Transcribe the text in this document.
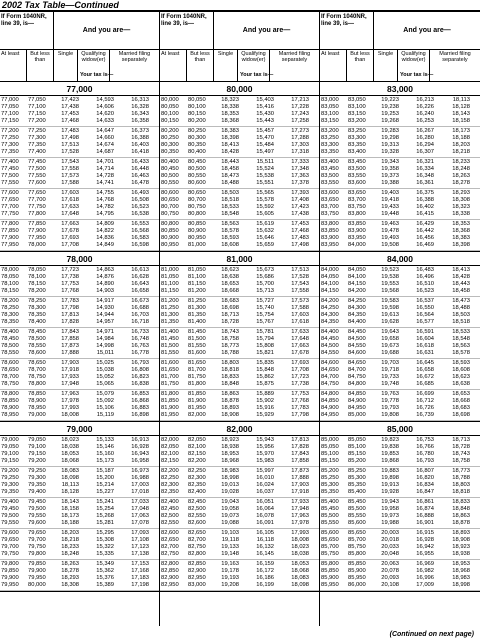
2002 Tax Table—Continued
If Form 1040NR, line 39, is—
And you are—
At least	But less than
Single	Qualifying widow(er)
Married filing separately
Your tax is—
77,000
77,000	77,050	17,423	14,593	16,313
77,050	77,100	17,438	14,606	16,328
77,100	77,150	17,453	14,620	16,343
77,150	77,200	17,468	14,633	16,358
77,200	77,250	17,483	14,647	16,373
77,250	77,300	17,498	14,660	16,388
77,300	77,350	17,513	14,674	16,403
77,350	77,400	17,528	14,687	16,418
77,400	77,450	17,543	14,701	16,433
77,450	77,500	17,558	14,714	16,448
77,500	77,550	17,573	14,728	16,463
77,550	77,600	17,588	14,741	16,478
77,600	77,650	17,603	14,755	16,493
77,650	77,700	17,618	14,768	16,508
77,700	77,750	17,633	14,782	16,523
77,750	77,800	17,648	14,795	16,538
77,800	77,850	17,663	14,809	16,553
77,850	77,900	17,678	14,822	16,568
77,900	77,950	17,693	14,836	16,583
77,950	78,000	17,708	14,849	16,598
78,000
78,000	78,050	17,723	14,863	16,613
78,050	78,100	17,738	14,876	16,628
78,100	78,150	17,753	14,890	16,643
78,150	78,200	17,768	14,903	16,658
78,200	78,250	17,783	14,917	16,673
78,250	78,300	17,798	14,930	16,688
78,300	78,350	17,813	14,944	16,703
78,350	78,400	17,828	14,957	16,718
78,400	78,450	17,843	14,971	16,733
78,450	78,500	17,858	14,984	16,748
78,500	78,550	17,873	14,998	16,763
78,550	78,600	17,888	15,011	16,778
78,600	78,650	17,903	15,025	16,793
78,650	78,700	17,918	15,038	16,808
78,700	78,750	17,933	15,052	16,823
78,750	78,800	17,948	15,065	16,838
78,800	78,850	17,963	15,079	16,853
78,850	78,900	17,978	15,092	16,868
78,900	78,950	17,993	15,106	16,883
78,950	79,000	18,008	15,119	16,898
79,000
79,000	79,050	18,023	15,133	16,913
79,050	79,100	18,038	15,146	16,928
79,100	79,150	18,053	15,160	16,943
79,150	79,200	18,068	15,173	16,958
79,200	79,250	18,083	15,187	16,973
79,250	79,300	18,098	15,200	16,988
79,300	79,350	18,113	15,214	17,003
79,350	79,400	18,128	15,227	17,018
79,400	79,450	18,143	15,241	17,033
79,450	79,500	18,158	15,254	17,048
79,500	79,550	18,173	15,268	17,063
79,550	79,600	18,188	15,281	17,078
79,600	79,650	18,203	15,295	17,093
79,650	79,700	18,218	15,308	17,108
79,700	79,750	18,233	15,322	17,123
79,750	79,800	18,248	15,335	17,138
79,800	79,850	18,263	15,349	17,153
79,850	79,900	18,278	15,362	17,168
79,900	79,950	18,293	15,376	17,183
79,950	80,000	18,308	15,389	17,198
If Form 1040NR, line 39, is—
And you are—
At least	But less than
Single	Qualifying widow(er)
Married filing separately
Your tax is—
80,000
80,000	80,050	18,323	15,403	17,213
80,050	80,100	18,338	15,416	17,228
80,100	80,150	18,353	15,430	17,243
80,150	80,200	18,368	15,443	17,258
80,200	80,250	18,383	15,457	17,273
80,250	80,300	18,398	15,470	17,288
80,300	80,350	18,413	15,484	17,303
80,350	80,400	18,428	15,497	17,318
80,400	80,450	18,443	15,511	17,333
80,450	80,500	18,458	15,524	17,348
80,500	80,550	18,473	15,538	17,363
80,550	80,600	18,488	15,551	17,378
80,600	80,650	18,503	15,565	17,393
80,650	80,700	18,518	15,578	17,408
80,700	80,750	18,533	15,592	17,423
80,750	80,800	18,548	15,605	17,438
80,800	80,850	18,563	15,619	17,453
80,850	80,900	18,578	15,632	17,468
80,900	80,950	18,593	15,646	17,483
80,950	81,000	18,608	15,659	17,498
81,000
81,000	81,050	18,623	15,673	17,513
81,050	81,100	18,638	15,686	17,528
81,100	81,150	18,653	15,700	17,543
81,150	81,200	18,668	15,713	17,558
81,200	81,250	18,683	15,727	17,573
81,250	81,300	18,698	15,740	17,588
81,300	81,350	18,713	15,754	17,603
81,350	81,400	18,728	15,767	17,618
81,400	81,450	18,743	15,781	17,633
81,450	81,500	18,758	15,794	17,648
81,500	81,550	18,773	15,808	17,663
81,550	81,600	18,788	15,821	17,678
81,600	81,650	18,803	15,835	17,693
81,650	81,700	18,818	15,848	17,708
81,700	81,750	18,833	15,862	17,723
81,750	81,800	18,848	15,875	17,738
81,800	81,850	18,863	15,889	17,753
81,850	81,900	18,878	15,902	17,768
81,900	81,950	18,893	15,916	17,783
81,950	82,000	18,908	15,929	17,798
82,000
82,000	82,050	18,923	15,943	17,813
82,050	82,100	18,938	15,956	17,828
82,100	82,150	18,953	15,970	17,843
82,150	82,200	18,968	15,983	17,858
82,200	82,250	18,983	15,997	17,873
82,250	82,300	18,998	16,010	17,888
82,300	82,350	19,013	16,024	17,903
82,350	82,400	19,028	16,037	17,918
82,400	82,450	19,043	16,051	17,933
82,450	82,500	19,058	16,064	17,948
82,500	82,550	19,073	16,078	17,963
82,550	82,600	19,088	16,091	17,978
82,600	82,650	19,103	16,105	17,993
82,650	82,700	19,118	16,118	18,008
82,700	82,750	19,133	16,132	18,023
82,750	82,800	19,148	16,145	18,038
82,800	82,850	19,163	16,159	18,053
82,850	82,900	19,178	16,172	18,068
82,900	82,950	19,193	16,186	18,083
82,950	83,000	19,208	16,199	18,098
If Form 1040NR, line 39, is—
And you are—
At least	But less than
Single	Qualifying widow(er)
Married filing separately
Your tax is—
83,000
83,000	83,050	19,223	16,213	18,113
83,050	83,100	19,238	16,226	18,128
83,100	83,150	19,253	16,240	18,143
83,150	83,200	19,268	16,253	18,158
83,200	83,250	19,283	16,267	18,173
83,250	83,300	19,298	16,280	18,188
83,300	83,350	19,313	16,294	18,203
83,350	83,400	19,328	16,307	18,218
83,400	83,450	19,343	16,321	18,233
83,450	83,500	19,358	16,334	18,248
83,500	83,550	19,373	16,348	18,263
83,550	83,600	19,388	16,361	18,278
83,600	83,650	19,403	16,375	18,293
83,650	83,700	19,418	16,388	18,308
83,700	83,750	19,433	16,402	18,323
83,750	83,800	19,448	16,415	18,338
83,800	83,850	19,463	16,429	18,353
83,850	83,900	19,478	16,442	18,368
83,900	83,950	19,493	16,456	18,383
83,950	84,000	19,508	16,469	18,398
84,000
84,000	84,050	19,523	16,483	18,413
84,050	84,100	19,538	16,496	18,428
84,100	84,150	19,553	16,510	18,443
84,150	84,200	19,568	16,523	18,458
84,200	84,250	19,583	16,537	18,473
84,250	84,300	19,598	16,550	18,488
84,300	84,350	19,613	16,564	18,503
84,350	84,400	19,628	16,577	18,518
84,400	84,450	19,643	16,591	18,533
84,450	84,500	19,658	16,604	18,548
84,500	84,550	19,673	16,618	18,563
84,550	84,600	19,688	16,631	18,578
84,600	84,650	19,703	16,645	18,593
84,650	84,700	19,718	16,658	18,608
84,700	84,750	19,733	16,672	18,623
84,750	84,800	19,748	16,685	18,638
84,800	84,850	19,763	16,699	18,653
84,850	84,900	19,778	16,712	18,668
84,900	84,950	19,793	16,726	18,683
84,950	85,000	19,808	16,739	18,698
85,000
85,000	85,050	19,823	16,753	18,713
85,050	85,100	19,838	16,766	18,728
85,100	85,150	19,853	16,780	18,743
85,150	85,200	19,868	16,793	18,758
85,200	85,250	19,883	16,807	18,773
85,250	85,300	19,898	16,820	18,788
85,300	85,350	19,913	16,834	18,803
85,350	85,400	19,928	16,847	18,818
85,400	85,450	19,943	16,861	18,833
85,450	85,500	19,958	16,874	18,848
85,500	85,550	19,973	16,888	18,863
85,550	85,600	19,988	16,901	18,878
85,600	85,650	20,003	16,915	18,893
85,650	85,700	20,018	16,928	18,908
85,700	85,750	20,033	16,942	18,923
85,750	85,800	20,048	16,955	18,938
85,800	85,850	20,063	16,969	18,953
85,850	85,900	20,078	16,982	18,968
85,900	85,950	20,093	16,996	18,983
85,950	86,000	20,108	17,009	18,998
(Continued on next page)
